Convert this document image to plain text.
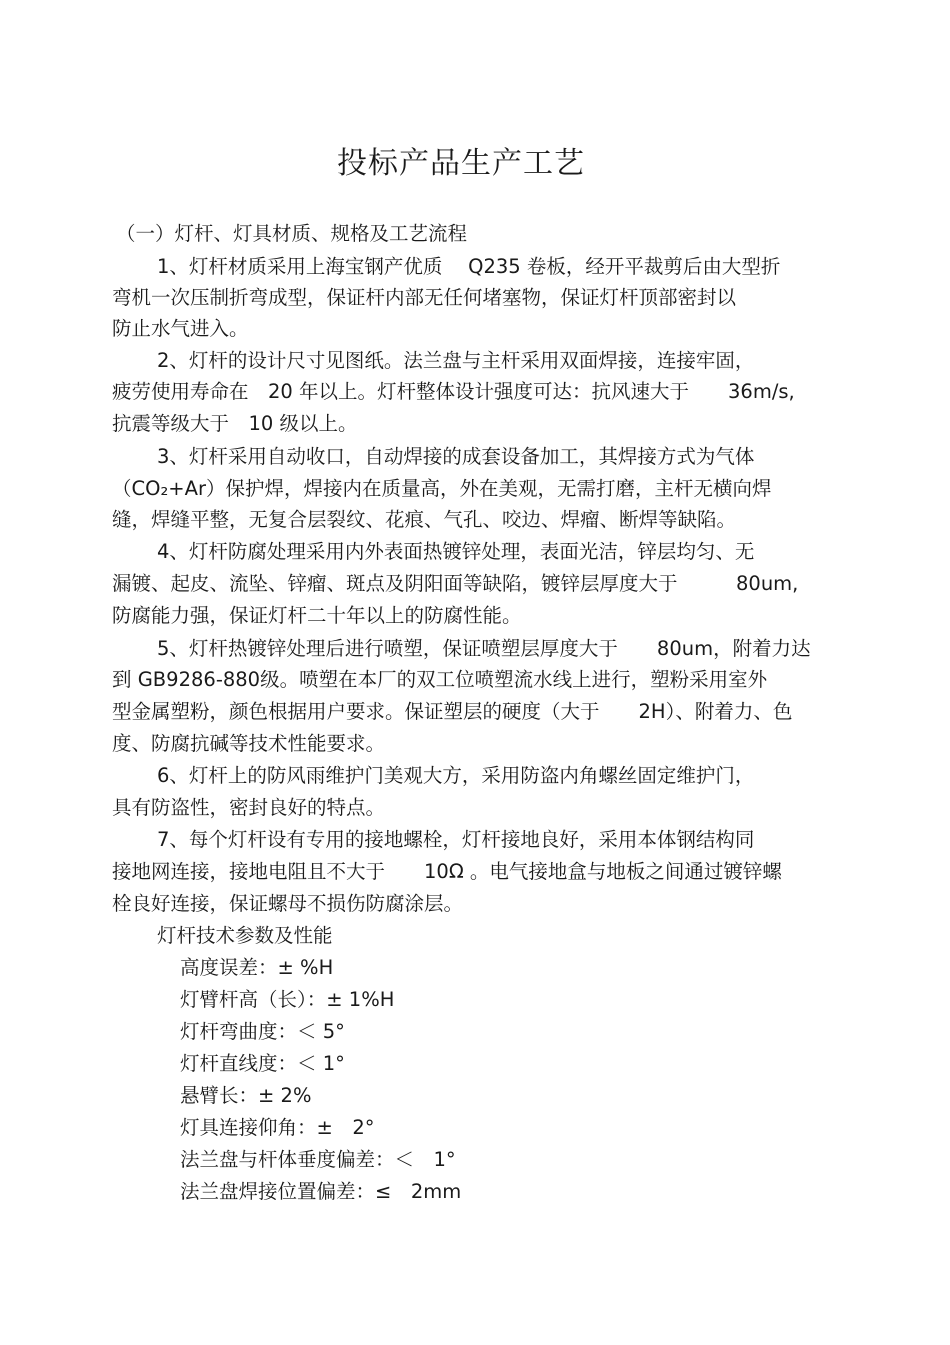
投标产品生产工艺
（一）灯杆、灯具材质、规格及工艺流程
1、灯杆材质采用上海宝钢产优质　 Q235 卷板，经开平裁剪后由大型折
弯机一次压制折弯成型，保证杆内部无任何堵塞物，保证灯杆顶部密封以
防止水气进入。
2、灯杆的设计尺寸见图纸。法兰盘与主杆采用双面焊接，连接牢固，
疲劳使用寿命在　20 年以上。灯杆整体设计强度可达：抗风速大于　　36m/s,
抗震等级大于　10 级以上。
3、灯杆采用自动收口，自动焊接的成套设备加工，其焊接方式为气体
（CO₂+Ar）保护焊，焊接内在质量高，外在美观，无需打磨，主杆无横向焊
缝，焊缝平整，无复合层裂纹、花痕、气孔、咬边、焊瘤、断焊等缺陷。
4、灯杆防腐处理采用内外表面热镀锌处理，表面光洁，锌层均匀、无
漏镀、起皮、流坠、锌瘤、斑点及阴阳面等缺陷，镀锌层厚度大于　　　80um,
防腐能力强，保证灯杆二十年以上的防腐性能。
5、灯杆热镀锌处理后进行喷塑，保证喷塑层厚度大于　　80um，附着力达
到 GB9286-880级。喷塑在本厂的双工位喷塑流水线上进行，塑粉采用室外
型金属塑粉，颜色根据用户要求。保证塑层的硬度（大于　　2H）、附着力、色
度、防腐抗碱等技术性能要求。
6、灯杆上的防风雨维护门美观大方，采用防盗内角螺丝固定维护门，
具有防盗性，密封良好的特点。
7、每个灯杆设有专用的接地螺栓，灯杆接地良好，采用本体钢结构同
接地网连接，接地电阻且不大于　　10Ω 。电气接地盒与地板之间通过镀锌螺
栓良好连接，保证螺母不损伤防腐涂层。
灯杆技术参数及性能
高度误差：± %H
灯臂杆高（长）：± 1%H
灯杆弯曲度：＜ 5°
灯杆直线度：＜ 1°
悬臂长：± 2%
灯具连接仰角：±　2°
法兰盘与杆体垂度偏差：＜　1°
法兰盘焊接位置偏差：≤　2mm
